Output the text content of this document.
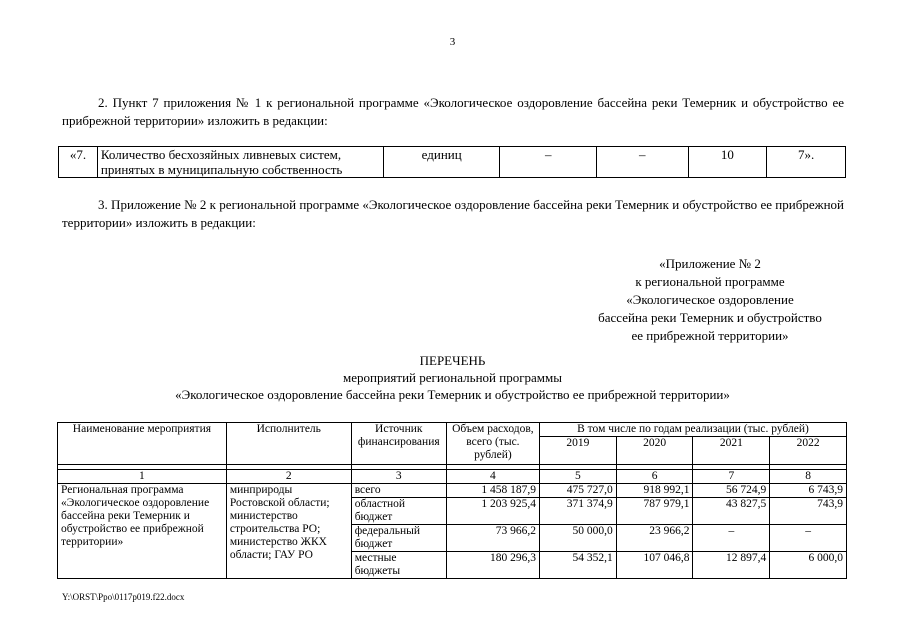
3
2. Пункт 7 приложения № 1 к региональной программе «Экологическое оздоровление бассейна реки Темерник и обустройство ее прибрежной территории» изложить в редакции:
«7.	Количество бесхозяйных ливневых систем, принятых в муниципальную собственность	единиц	–	–	10	7».
3. Приложение № 2 к региональной программе «Экологическое оздоровление бассейна реки Темерник и обустройство ее прибрежной территории» изложить в редакции:
«Приложение № 2
к региональной программе
«Экологическое оздоровление
бассейна реки Темерник и обустройство
ее прибрежной территории»
ПЕРЕЧЕНЬ
мероприятий региональной программы
«Экологическое оздоровление бассейна реки Темерник и обустройство ее прибрежной территории»
Наименование мероприятия	Исполнитель	Источник финансирования	Объем расходов, всего (тыс. рублей)	В том числе по годам реализации (тыс. рублей)			
				2019	2020	2021	2022

1	2	3	4	5	6	7	8
Региональная программа «Экологическое оздоровление бассейна реки Темерник и обустройство ее прибрежной территории»	минприроды Ростовской области; министерство строительства РО; министерство ЖКХ области; ГАУ РО	всего	1 458 187,9	475 727,0	918 992,1	56 724,9	6 743,9
		областной бюджет	1 203 925,4	371 374,9	787 979,1	43 827,5	743,9
		федеральный бюджет	73 966,2	50 000,0	23 966,2	–	–
		местные бюджеты	180 296,3	54 352,1	107 046,8	12 897,4	6 000,0
Y:\ORST\Ppo\0117p019.f22.docx
